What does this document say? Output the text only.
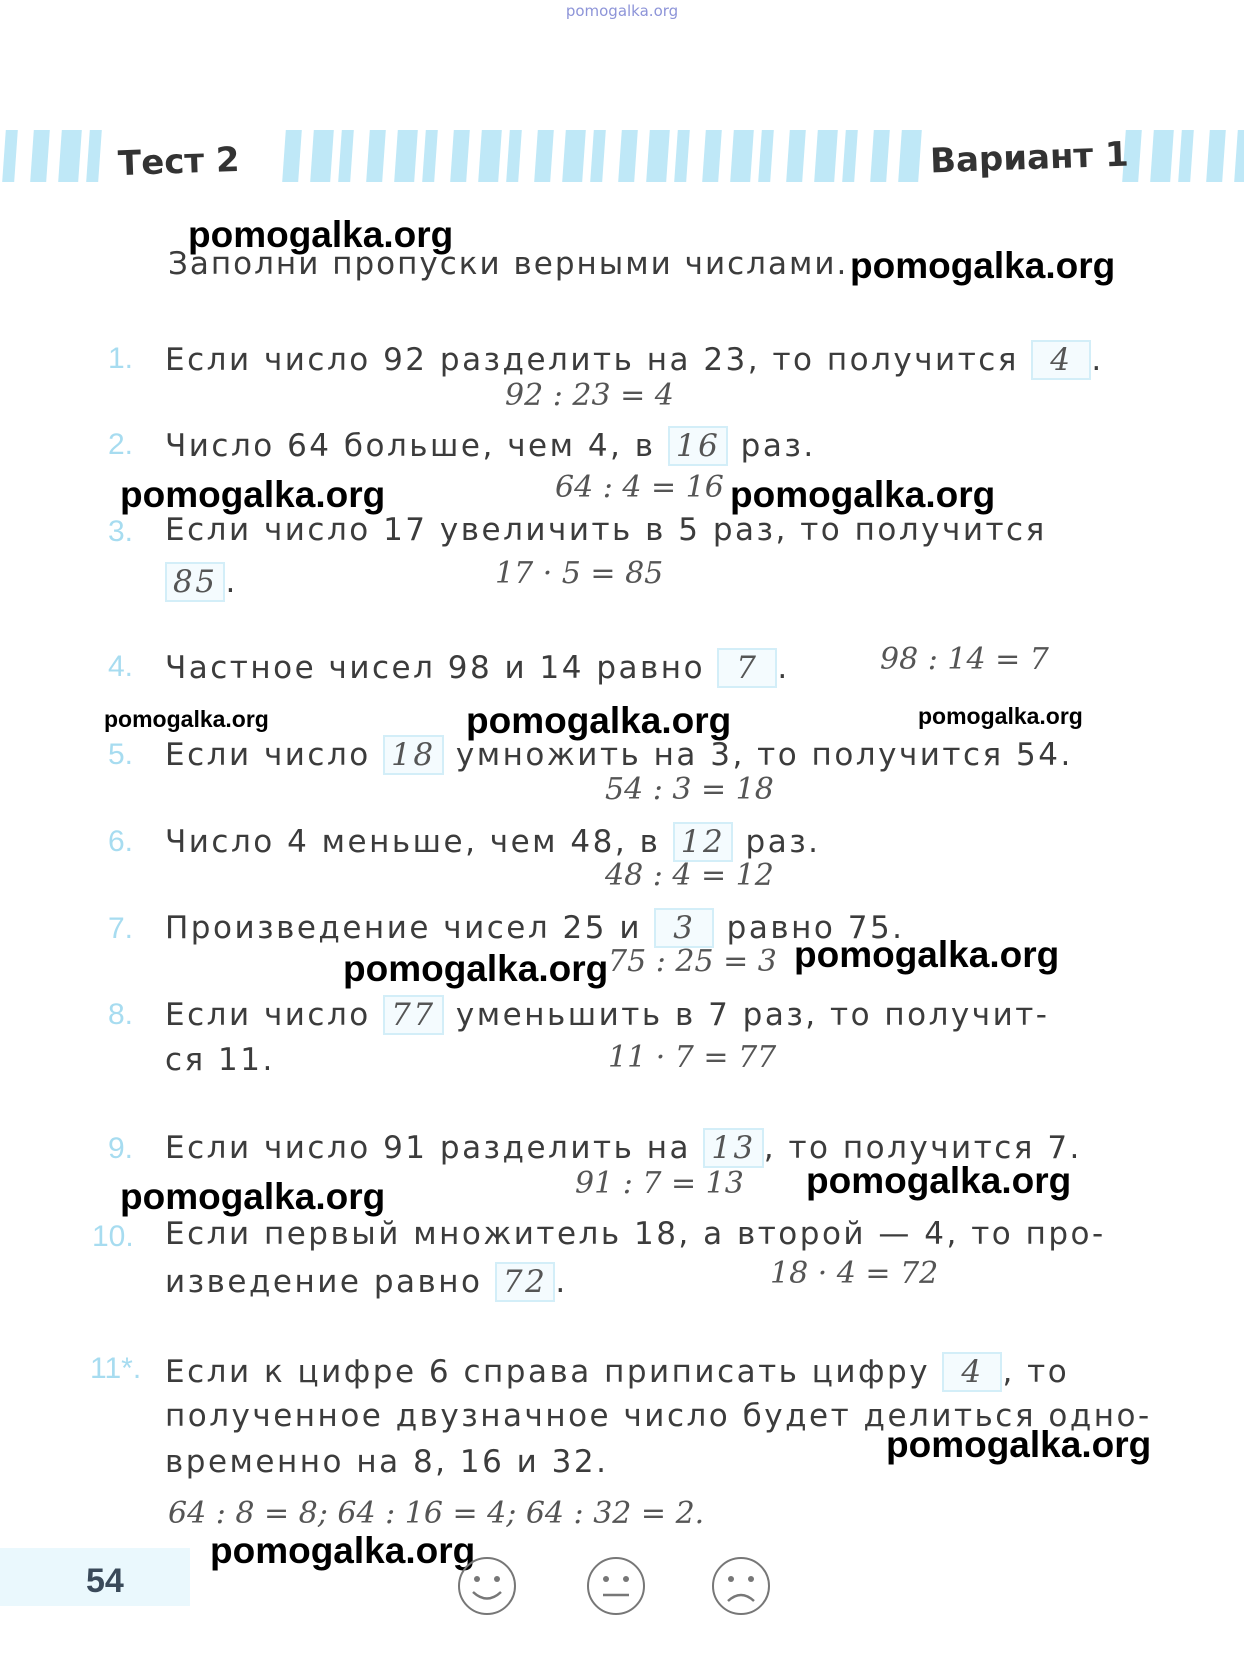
pomogalka.org
Тест 2	Вариант 1
Заполни пропуски верными числами.
1. Если число 92 разделить на 23, то получится 4 .
92 : 23 = 4
2. Число 64 больше, чем 4, в 16 раз.
64 : 4 = 16
3. Если число 17 увеличить в 5 раз, то получится
85 .	17 · 5 = 85
4. Частное чисел 98 и 14 равно 7 .	98 : 14 = 7
5. Если число 18 умножить на 3, то получится 54.
54 : 3 = 18
6. Число 4 меньше, чем 48, в 12 раз.
48 : 4 = 12
7. Произведение чисел 25 и 3 равно 75.
75 : 25 = 3
8. Если число 77 уменьшить в 7 раз, то получит-
ся 11.	11 · 7 = 77
9. Если число 91 разделить на 13 , то получится 7.
91 : 7 = 13
10. Если первый множитель 18, а второй — 4, то про-
изведение равно 72 .	18 · 4 = 72
11*. Если к цифре 6 справа приписать цифру 4 , то
полученное двузначное число будет делиться одно-
временно на 8, 16 и 32.
64 : 8 = 8; 64 : 16 = 4; 64 : 32 = 2.
pomogalka.org
pomogalka.org
pomogalka.org	pomogalka.org
pomogalka.org	pomogalka.org	pomogalka.org
pomogalka.org	pomogalka.org
pomogalka.org
pomogalka.org
pomogalka.org
pomogalka.org
54
